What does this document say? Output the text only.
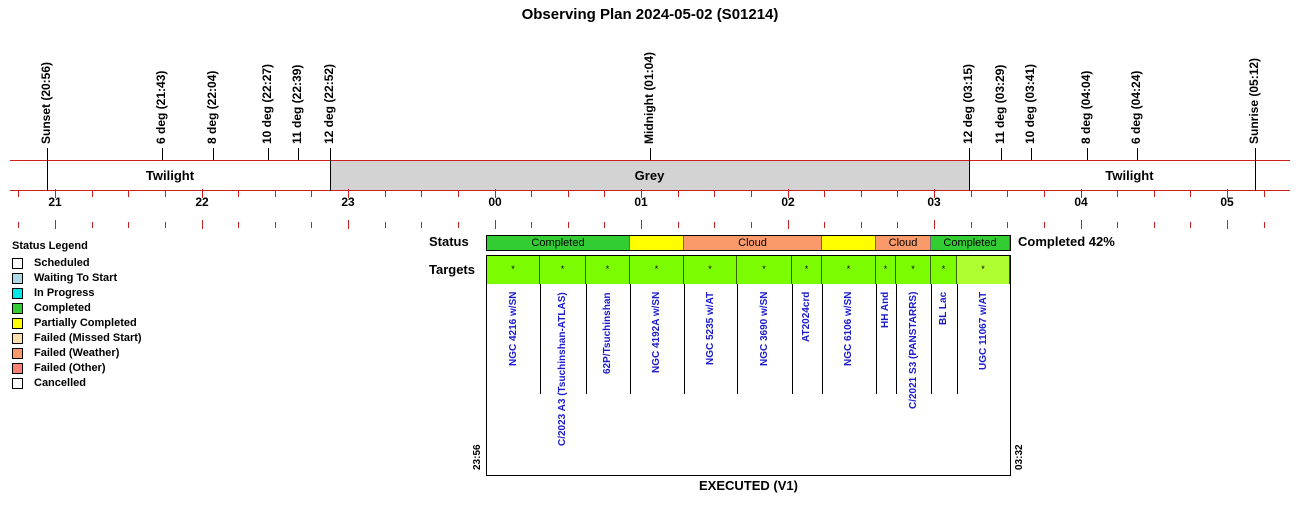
Observing Plan 2024-05-02 (S01214)
Sunset (20:56)	6 deg (21:43)	8 deg (22:04)	10 deg (22:27) 11 deg (22:39) 12 deg (22:52)	Midnight (01:04)	12 deg (03:15) 11 deg (03:29) 10 deg (03:41)	8 deg (04:04)	6 deg (04:24)	Sunrise (05:12)
Twilight	Grey	Twilight
21	22	23	00	01	02	03	04	05
Status Legend
Scheduled
Waiting To Start
In Progress
Completed
Partially Completed
Failed (Missed Start)
Failed (Weather)
Failed (Other)
Cancelled
Status
Targets
Completed 42%
Completed	Cloud	Cloud	Completed
*
NGC 4216 w/SN
*
C/2023 A3 (Tsuchinshan-ATLAS)
*
62P/Tsuchinshan
*
NGC 4192A w/SN
*
NGC 5235 w/AT
*
NGC 3690 w/SN
*
AT2024crd
*
NGC 6106 w/SN
*
HH And
*
C/2021 S3 (PANSTARRS)
*
BL Lac
*
UGC 11067 w/AT
23:56	03:32
EXECUTED (V1)
